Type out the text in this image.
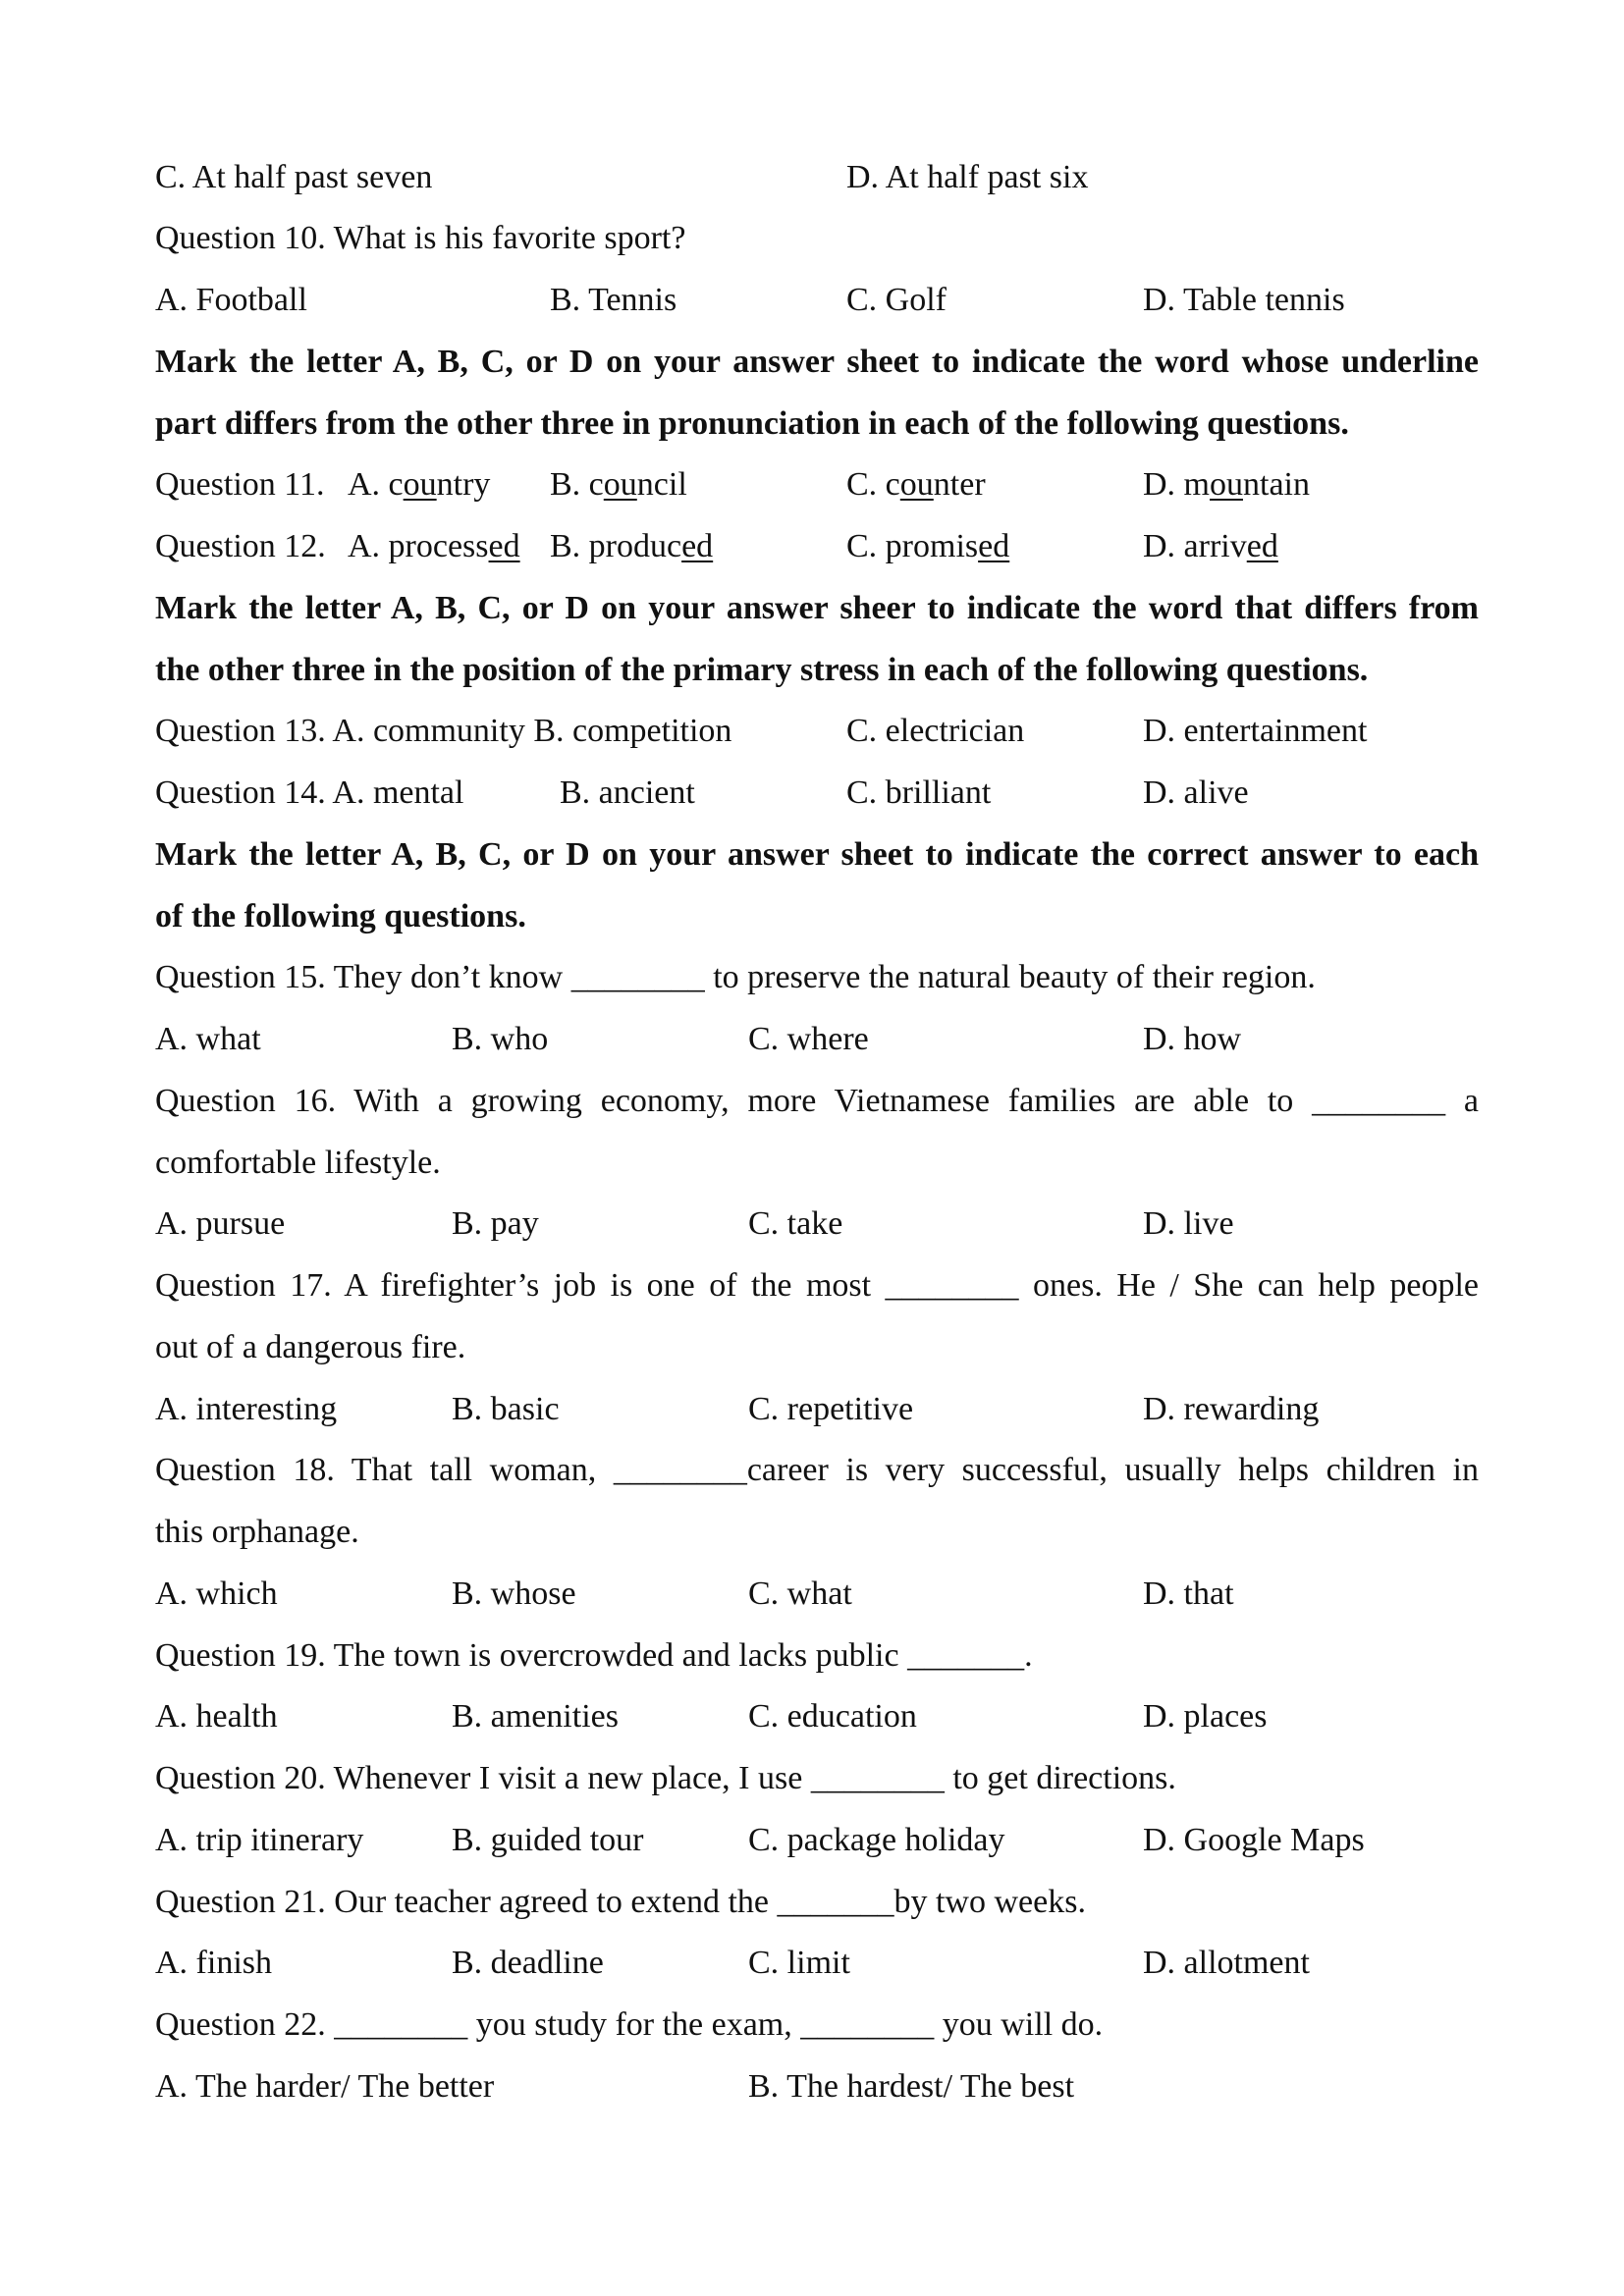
C. At half past seven	D. At half past six
Question 10. What is his favorite sport?
A. Football	B. Tennis	C. Golf	D. Table tennis
Mark the letter A, B, C, or D on your answer sheet to indicate the word whose underline
part differs from the other three in pronunciation in each of the following questions.
Question 11. A. country B. council	C. counter	D. mountain
Question 12. A. processed B. produced	C. promised	D. arrived
Mark the letter A, B, C, or D on your answer sheer to indicate the word that differs from
the other three in the position of the primary stress in each of the following questions.
Question 13. A. community B. competition	C. electrician	D. entertainment
Question 14. A. mental	B. ancient	C. brilliant	D. alive
Mark the letter A, B, C, or D on your answer sheet to indicate the correct answer to each
of the following questions.
Question 15. They don’t know ________ to preserve the natural beauty of their region.
A. what	B. who	C. where	D. how
Question 16. With a growing economy, more Vietnamese families are able to ________ a
comfortable lifestyle.
A. pursue	B. pay	C. take	D. live
Question 17. A firefighter’s job is one of the most ________ ones. He / She can help people
out of a dangerous fire.
A. interesting	B. basic	C. repetitive	D. rewarding
Question 18. That tall woman, ________career is very successful, usually helps children in
this orphanage.
A. which	B. whose	C. what	D. that
Question 19. The town is overcrowded and lacks public _______.
A. health	B. amenities	C. education	D. places
Question 20. Whenever I visit a new place, I use ________ to get directions.
A. trip itinerary	B. guided tour	C. package holiday	D. Google Maps
Question 21. Our teacher agreed to extend the _______by two weeks.
A. finish	B. deadline	C. limit	D. allotment
Question 22. ________ you study for the exam, ________ you will do.
A. The harder/ The better	B. The hardest/ The best
